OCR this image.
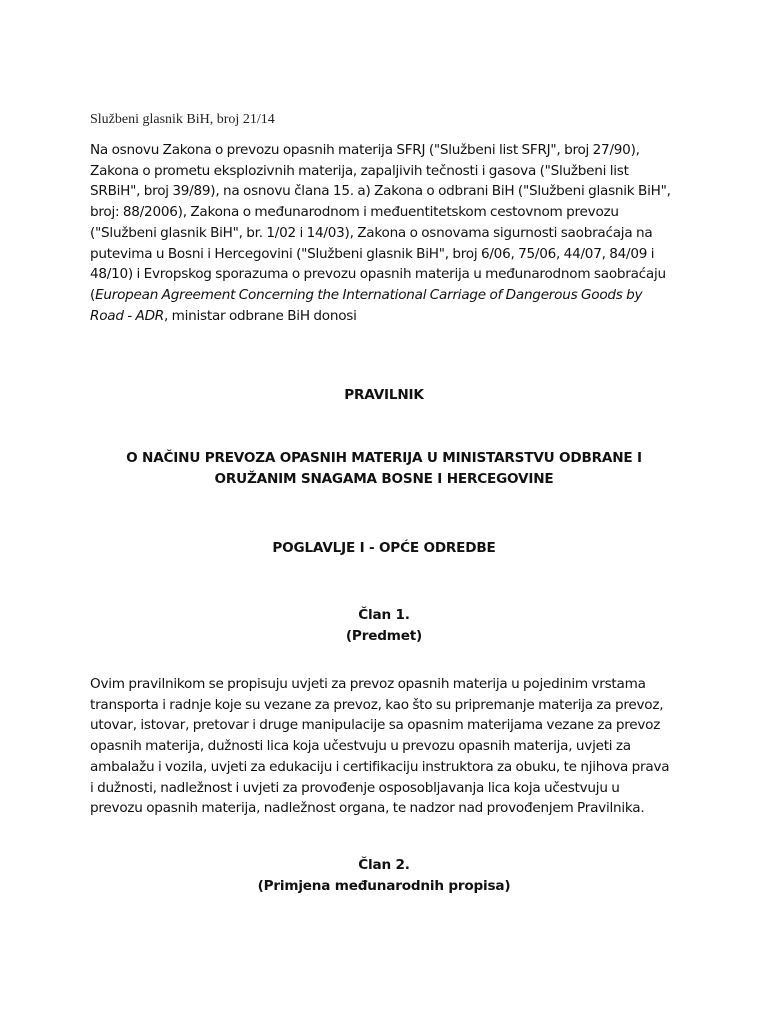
Službeni glasnik BiH, broj 21/14
Na osnovu Zakona o prevozu opasnih materija SFRJ ("Službeni list SFRJ", broj 27/90),
Zakona o prometu eksplozivnih materija, zapaljivih tečnosti i gasova ("Službeni list
SRBiH", broj 39/89), na osnovu člana 15. a) Zakona o odbrani BiH ("Službeni glasnik BiH",
broj: 88/2006), Zakona o međunarodnom i međuentitetskom cestovnom prevozu
("Službeni glasnik BiH", br. 1/02 i 14/03), Zakona o osnovama sigurnosti saobraćaja na
putevima u Bosni i Hercegovini ("Službeni glasnik BiH", broj 6/06, 75/06, 44/07, 84/09 i
48/10) i Evropskog sporazuma o prevozu opasnih materija u međunarodnom saobraćaju
(European Agreement Concerning the International Carriage of Dangerous Goods by
Road - ADR, ministar odbrane BiH donosi
PRAVILNIK
O NAČINU PREVOZA OPASNIH MATERIJA U MINISTARSTVU ODBRANE I
ORUŽANIM SNAGAMA BOSNE I HERCEGOVINE
POGLAVLJE I - OPĆE ODREDBE
Član 1.
(Predmet)
Ovim pravilnikom se propisuju uvjeti za prevoz opasnih materija u pojedinim vrstama
transporta i radnje koje su vezane za prevoz, kao što su pripremanje materija za prevoz,
utovar, istovar, pretovar i druge manipulacije sa opasnim materijama vezane za prevoz
opasnih materija, dužnosti lica koja učestvuju u prevozu opasnih materija, uvjeti za
ambalažu i vozila, uvjeti za edukaciju i certifikaciju instruktora za obuku, te njihova prava
i dužnosti, nadležnost i uvjeti za provođenje osposobljavanja lica koja učestvuju u
prevozu opasnih materija, nadležnost organa, te nadzor nad provođenjem Pravilnika.
Član 2.
(Primjena međunarodnih propisa)
